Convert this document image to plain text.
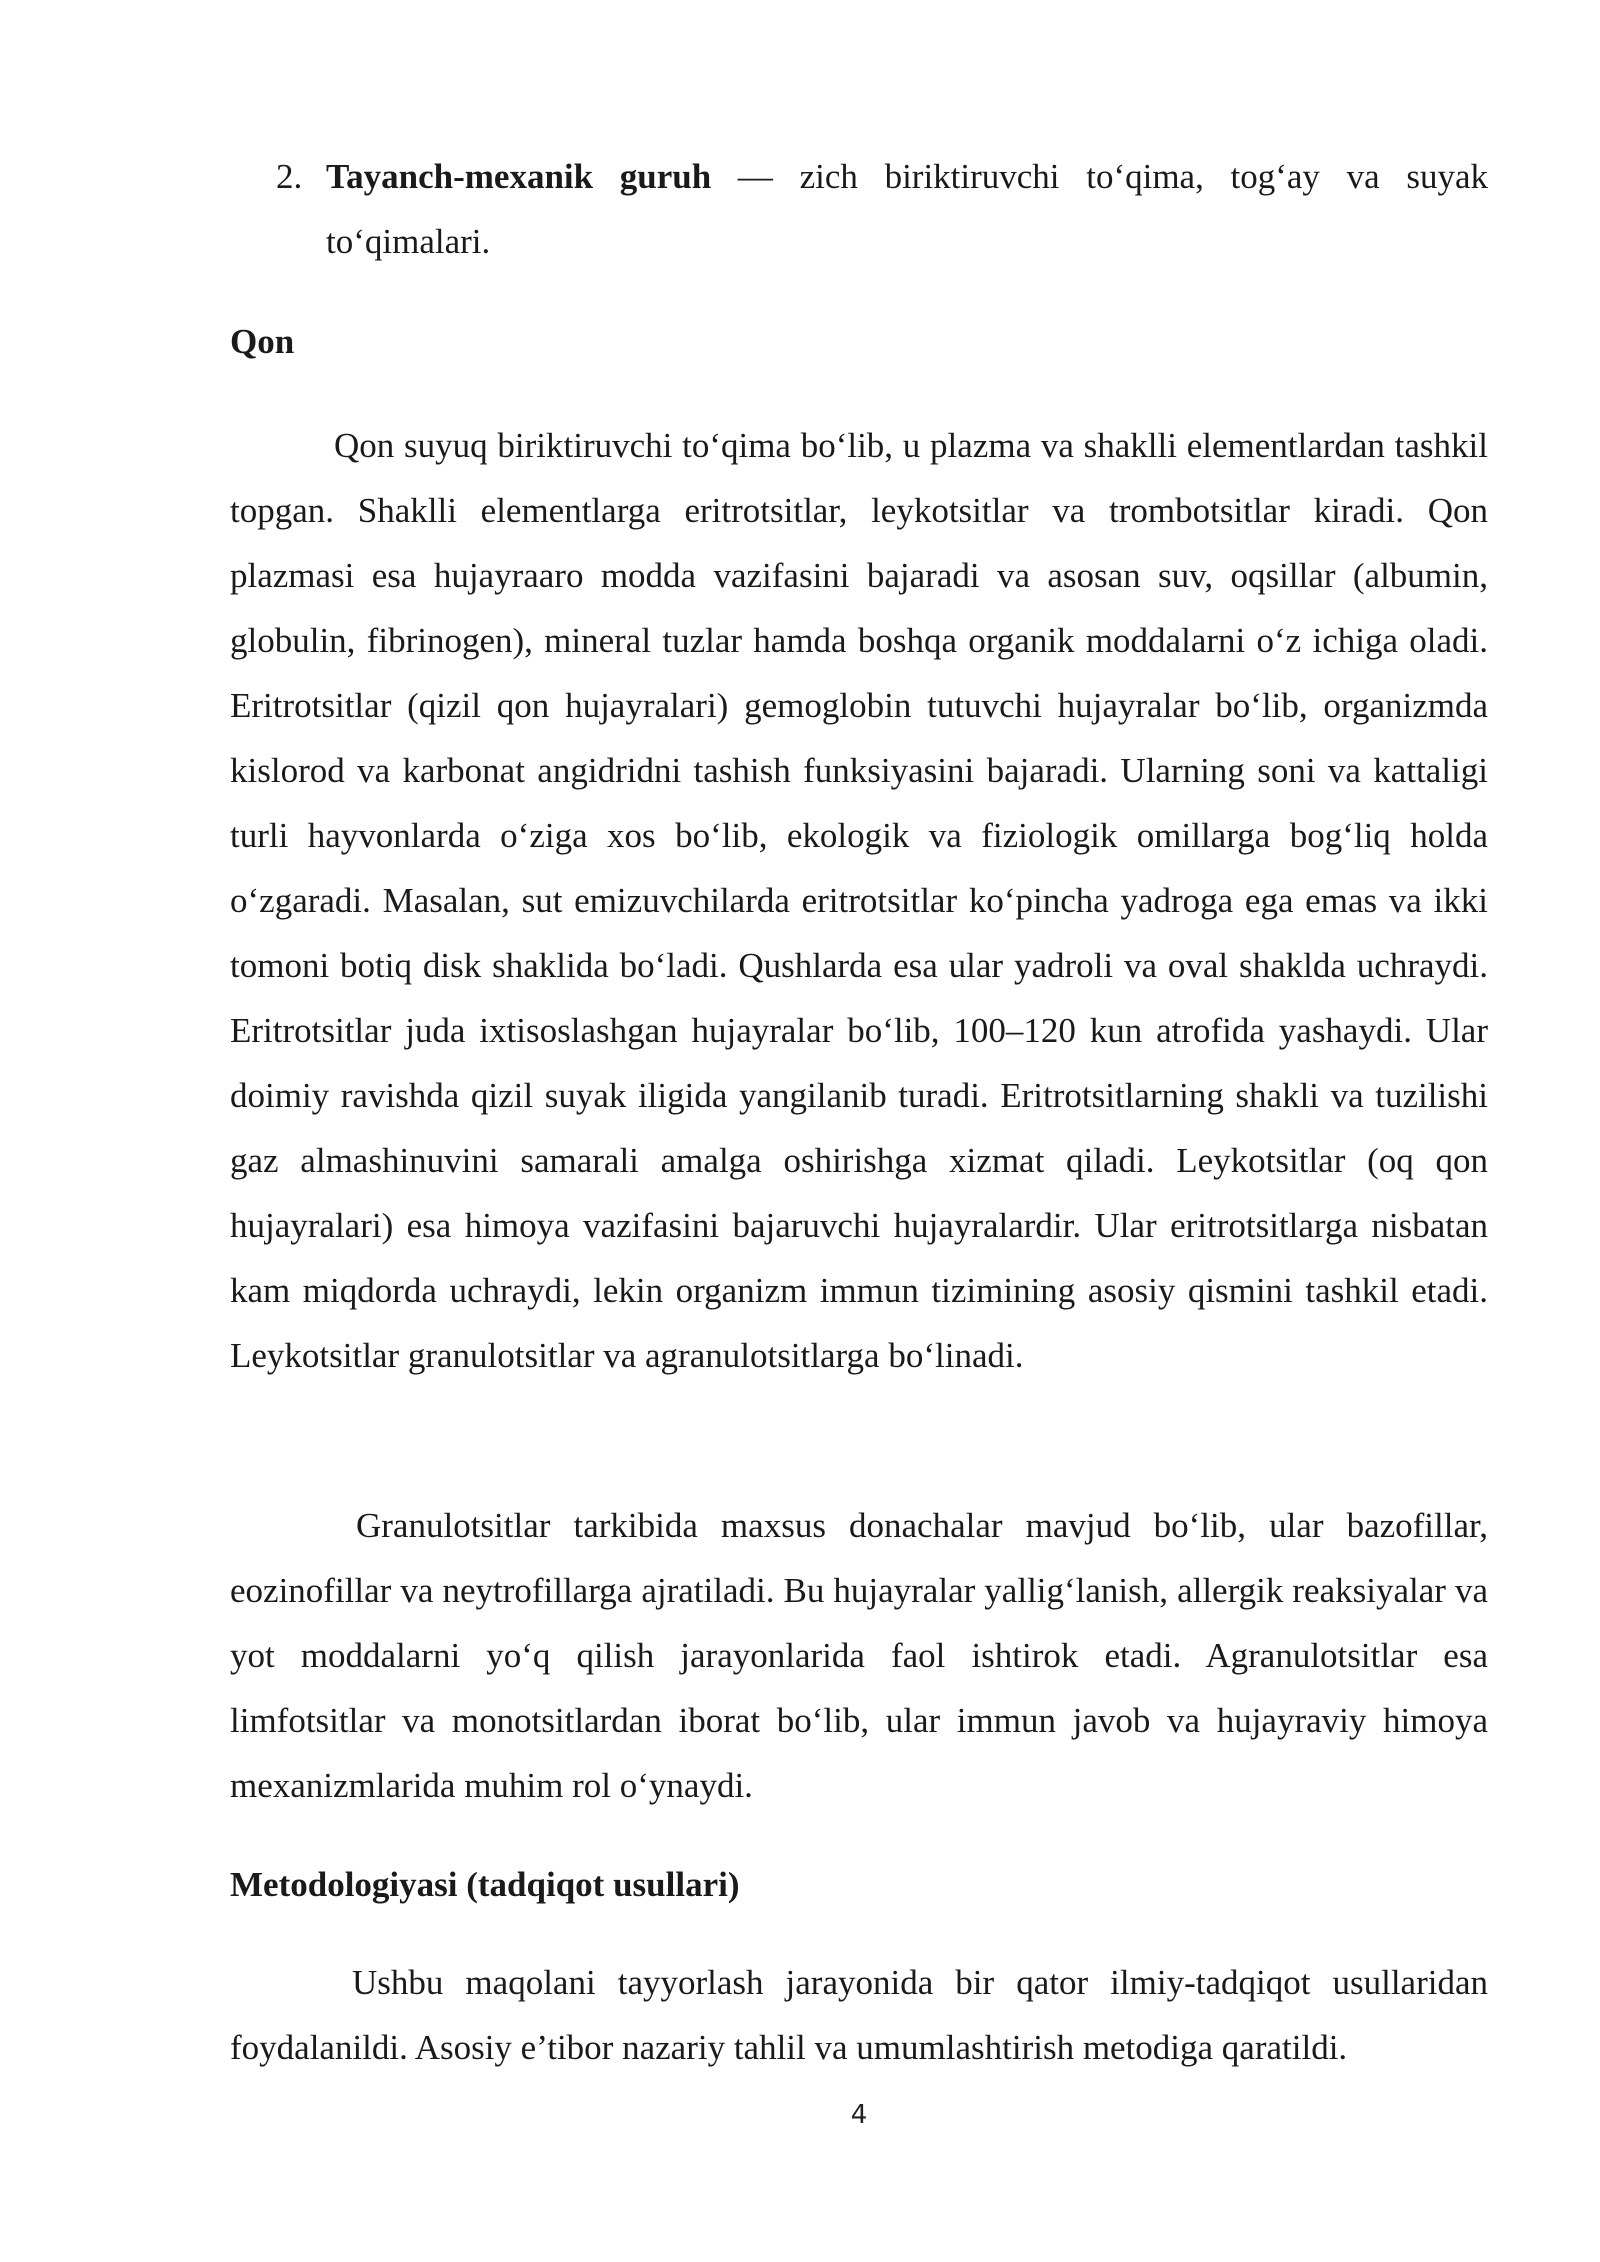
2. Tayanch-mexanik guruh — zich biriktiruvchi to‘qima, tog‘ay va suyak to‘qimalari.
Qon

Qon suyuq biriktiruvchi to‘qima bo‘lib, u plazma va shaklli elementlardan tashkil topgan. Shaklli elementlarga eritrotsitlar, leykotsitlar va trombotsitlar kiradi. Qon plazmasi esa hujayraaro modda vazifasini bajaradi va asosan suv, oqsillar (albumin, globulin, fibrinogen), mineral tuzlar hamda boshqa organik moddalarni o‘z ichiga oladi. Eritrotsitlar (qizil qon hujayralari) gemoglobin tutuvchi hujayralar bo‘lib, organizmda kislorod va karbonat angidridni tashish funksiyasini bajaradi. Ularning soni va kattaligi turli hayvonlarda o‘ziga xos bo‘lib, ekologik va fiziologik omillarga bog‘liq holda o‘zgaradi. Masalan, sut emizuvchilarda eritrotsitlar ko‘pincha yadroga ega emas va ikki tomoni botiq disk shaklida bo‘ladi. Qushlarda esa ular yadroli va oval shaklda uchraydi. Eritrotsitlar juda ixtisoslashgan hujayralar bo‘lib, 100–120 kun atrofida yashaydi. Ular doimiy ravishda qizil suyak iligida yangilanib turadi. Eritrotsitlarning shakli va tuzilishi gaz almashinuvini samarali amalga oshirishga xizmat qiladi. Leykotsitlar (oq qon hujayralari) esa himoya vazifasini bajaruvchi hujayralardir. Ular eritrotsitlarga nisbatan kam miqdorda uchraydi, lekin organizm immun tizimining asosiy qismini tashkil etadi. Leykotsitlar granulotsitlar va agranulotsitlarga bo‘linadi.

Granulotsitlar tarkibida maxsus donachalar mavjud bo‘lib, ular bazofillar, eozinofillar va neytrofillarga ajratiladi. Bu hujayralar yallig‘lanish, allergik reaksiyalar va yot moddalarni yo‘q qilish jarayonlarida faol ishtirok etadi. Agranulotsitlar esa limfotsitlar va monotsitlardan iborat bo‘lib, ular immun javob va hujayraviy himoya mexanizmlarida muhim rol o‘ynaydi.

Metodologiyasi (tadqiqot usullari)

Ushbu maqolani tayyorlash jarayonida bir qator ilmiy-tadqiqot usullaridan foydalanildi. Asosiy e’tibor nazariy tahlil va umumlashtirish metodiga qaratildi.

4
